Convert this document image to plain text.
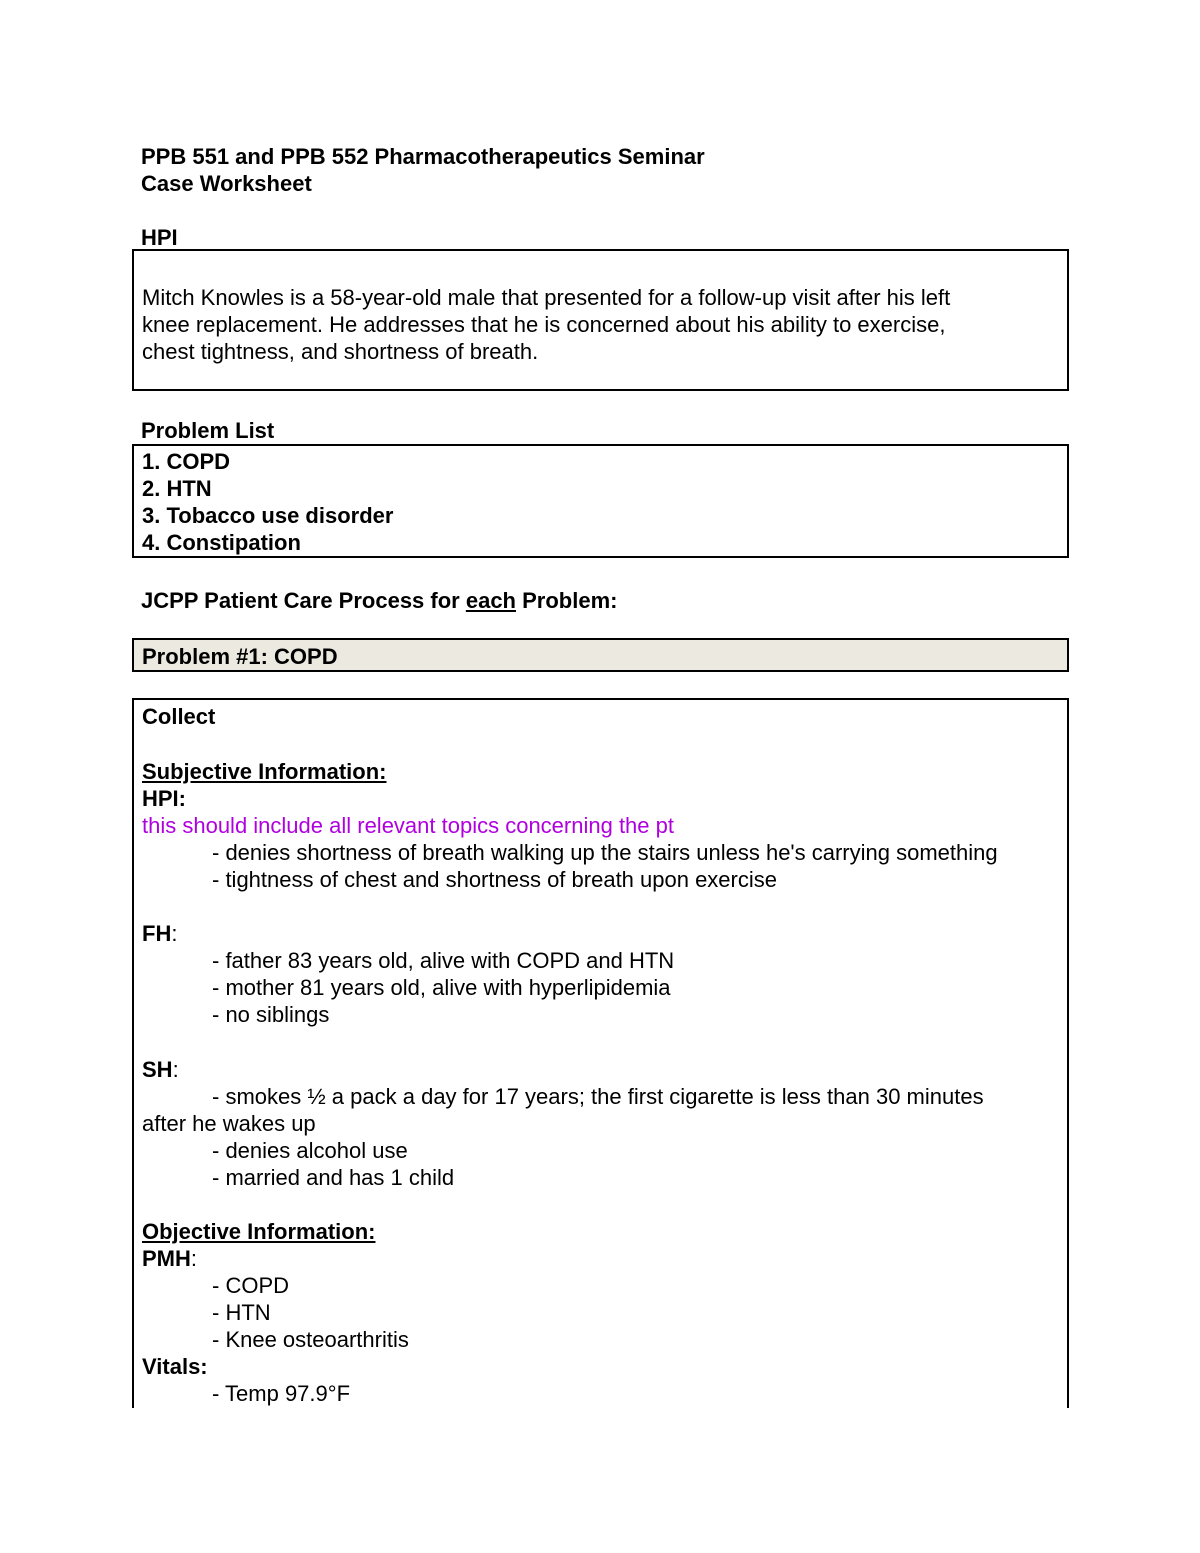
PPB 551 and PPB 552 Pharmacotherapeutics Seminar
Case Worksheet
HPI
Mitch Knowles is a 58-year-old male that presented for a follow-up visit after his left
knee replacement. He addresses that he is concerned about his ability to exercise,
chest tightness, and shortness of breath.
Problem List
1. COPD
2. HTN
3. Tobacco use disorder
4. Constipation
JCPP Patient Care Process for each Problem:
Problem #1: COPD
Collect
Subjective Information:
HPI:
this should include all relevant topics concerning the pt
- denies shortness of breath walking up the stairs unless he's carrying something
- tightness of chest and shortness of breath upon exercise
FH:
- father 83 years old, alive with COPD and HTN
- mother 81 years old, alive with hyperlipidemia
- no siblings
SH:
- smokes ½ a pack a day for 17 years; the first cigarette is less than 30 minutes
after he wakes up
- denies alcohol use
- married and has 1 child
Objective Information:
PMH:
- COPD
- HTN
- Knee osteoarthritis
Vitals:
- Temp 97.9°F
